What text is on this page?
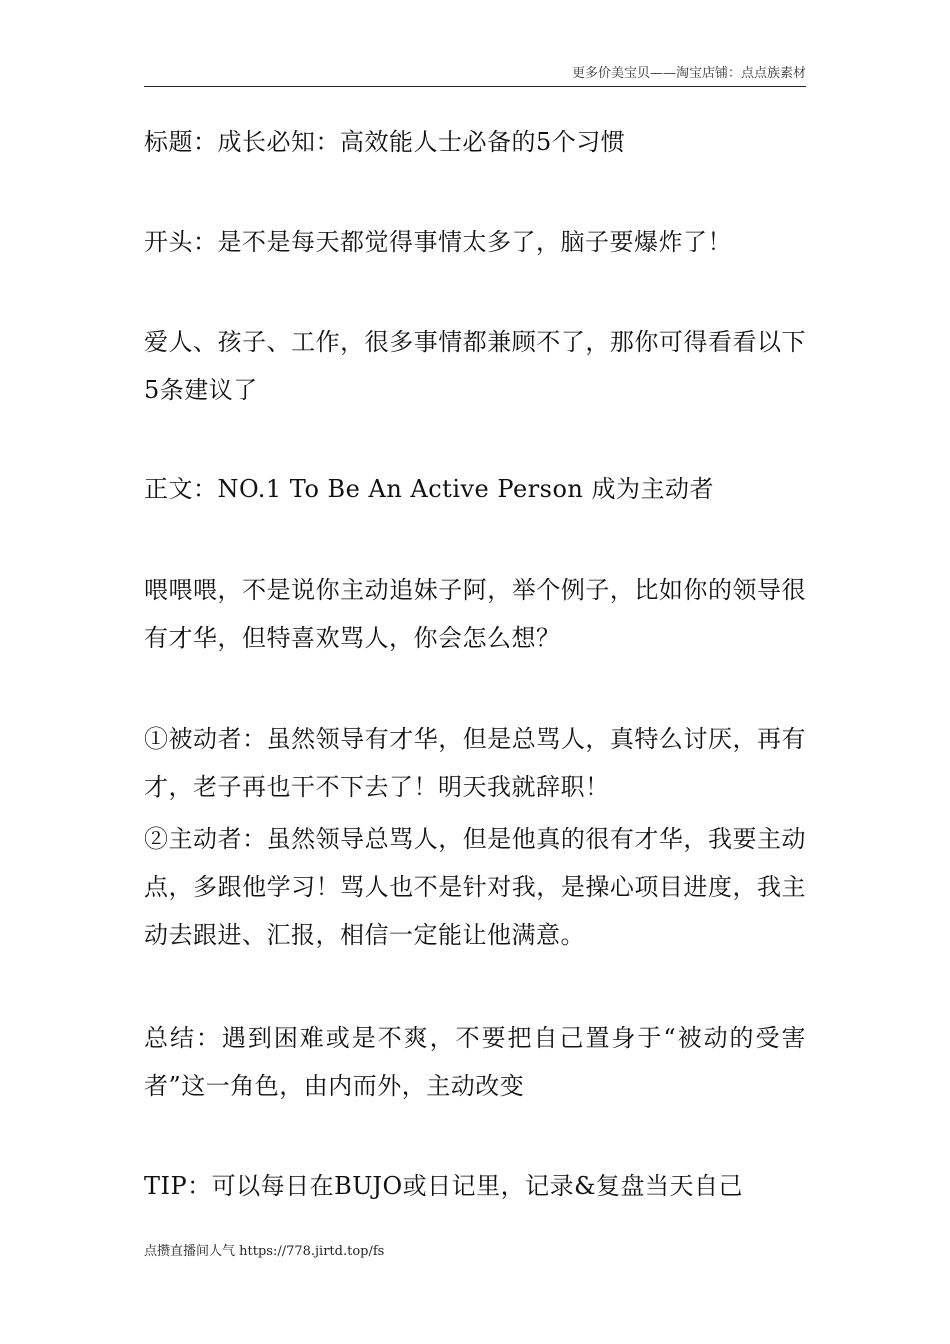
更多价美宝贝——淘宝店铺：点点族素材

标题：成长必知：高效能人士必备的5个习惯

开头：是不是每天都觉得事情太多了，脑子要爆炸了！

爱人、孩子、工作，很多事情都兼顾不了，那你可得看看以下5条建议了

正文：NO.1 To Be An Active Person 成为主动者

喂喂喂，不是说你主动追妹子阿，举个例子，比如你的领导很有才华，但特喜欢骂人，你会怎么想？

①被动者：虽然领导有才华，但是总骂人，真特么讨厌，再有才，老子再也干不下去了！明天我就辞职！

②主动者：虽然领导总骂人，但是他真的很有才华，我要主动点，多跟他学习！骂人也不是针对我，是操心项目进度，我主动去跟进、汇报，相信一定能让他满意。

总结：遇到困难或是不爽，不要把自己置身于“被动的受害者”这一角色，由内而外，主动改变

TIP：可以每日在BUJO或日记里，记录&复盘当天自己

点攒直播间人气 https://778.jirtd.top/fs
